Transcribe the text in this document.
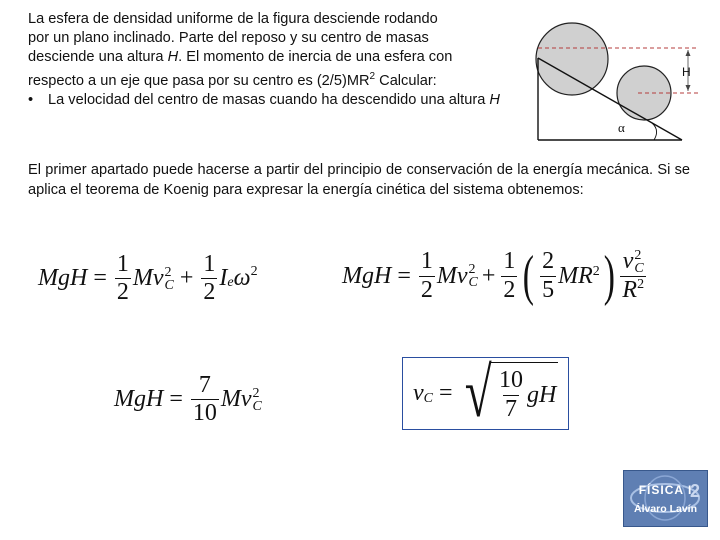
La esfera de densidad uniforme de la figura desciende rodando

por un plano inclinado. Parte del reposo y su centro de masas

desciende una altura H. El momento de inercia de una esfera con

respecto a un eje que pasa por su centro es $(2/5)MR^2$ Calcular:

•	La velocidad del centro de masas cuando ha descendido una altura H
H
α
El primer apartado puede hacerse a partir del principio de conservación de la energía mecánica. Si se aplica el teorema de Koenig para expresar la energía cinética del sistema obtenemos:
MgH = $\frac{1}{2}$ Mv 2
$C + \frac{1}{2}$ I e ω 2	MgH = $\frac{1}{2}$ Mv 2
$C + \frac{1}{2}$ ( $\frac{2}{5}$ MR 2 ) v 2
C
$R^2$
MgH = $\frac{7}{10}$ Mv 2
C
v C = √ $\frac{10}{7}$ gH
2
FÍSICA I
Álvaro Lavín
